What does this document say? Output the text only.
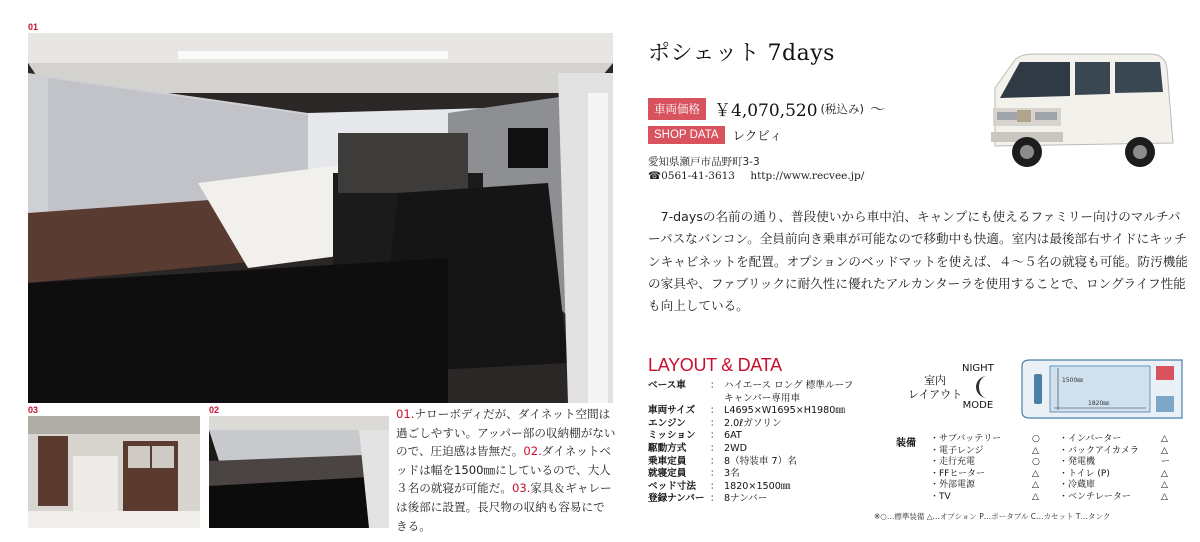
01
03	02	01.ナローボディだが、ダイネット空間は過ごしやすい。アッパー部の収納棚がないので、圧迫感は皆無だ。02.ダイネットベッドは幅を1500㎜にしているので、大人３名の就寝が可能だ。03.家具＆ギャレーは後部に設置。長尺物の収納も容易にできる。
ポシェット 7days
車両価格 ￥4,070,520 (税込み) ～
SHOP DATA	レクビィ
愛知県瀬戸市品野町3-3
☎0561-41-3613 http://www.recvee.jp/

7-daysの名前の通り、普段使いから車中泊、キャンプにも使えるファミリー向けのマルチパーパスなバンコン。全員前向き乗車が可能なので移動中も快適。室内は最後部右サイドにキッチンキャビネットを配置。オプションのベッドマットを使えば、４～５名の就寝も可能。防汚機能の家具や、ファブリックに耐久性に優れたアルカンターラを使用することで、ロングライフ性能も向上している。

LAYOUT & DATA
ベース車	： ハイエース ロング 標準ルーフ
キャンパー専用車
車両サイズ	： L4695×W1695×H1980㎜
エンジン	： 2.0ℓガソリン
ミッション	： 6AT
駆動方式	： 2WD
乗車定員	： 8（特装車 7）名
就寝定員	： 3名
ベッド寸法	： 1820×1500㎜
登録ナンバー ： 8ナンバー
室内
レイアウト
NIGHT
MODE
1500㎜
1820㎜
装備 ・サブバッテリー	○	・インバーター	△
・電子レンジ	△	・バックアイカメラ	△
・走行充電	○	・発電機	ー
・FFヒーター	△	・トイレ (P)	△
・外部電源	△	・冷蔵庫	△
・TV	△	・ベンチレーター	△
※○…標準装備 △…オプション P…ポータブル C…カセット T…タンク
